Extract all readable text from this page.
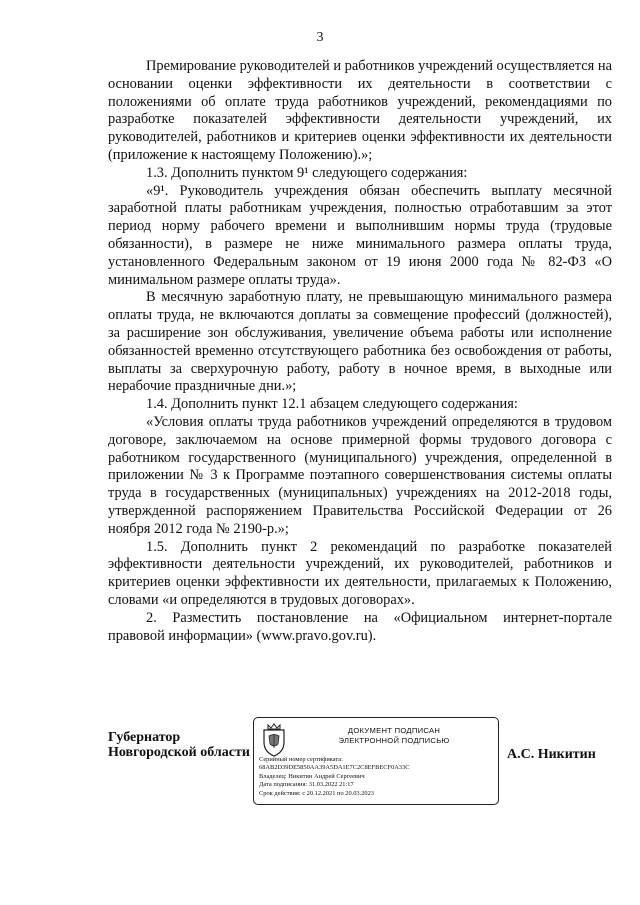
3

Премирование руководителей и работников учреждений осуществляется на основании оценки эффективности их деятельности в соответствии с положениями об оплате труда работников учреждений, рекомендациями по разработке показателей эффективности деятельности учреждений, их руководителей, работников и критериев оценки эффективности их деятельности (приложение к настоящему Положению).»;

1.3. Дополнить пунктом 9¹ следующего содержания:

«9¹. Руководитель учреждения обязан обеспечить выплату месячной заработной платы работникам учреждения, полностью отработавшим за этот период норму рабочего времени и выполнившим нормы труда (трудовые обязанности), в размере не ниже минимального размера оплаты труда, установленного Федеральным законом от 19 июня 2000 года № 82-ФЗ «О минимальном размере оплаты труда».

В месячную заработную плату, не превышающую минимального размера оплаты труда, не включаются доплаты за совмещение профессий (должностей), за расширение зон обслуживания, увеличение объема работы или исполнение обязанностей временно отсутствующего работника без освобождения от работы, выплаты за сверхурочную работу, работу в ночное время, в выходные или нерабочие праздничные дни.»;

1.4. Дополнить пункт 12.1 абзацем следующего содержания:

«Условия оплаты труда работников учреждений определяются в трудовом договоре, заключаемом на основе примерной формы трудового договора с работником государственного (муниципального) учреждения, определенной в приложении № 3 к Программе поэтапного совершенствования системы оплаты труда в государственных (муниципальных) учреждениях на 2012-2018 годы, утвержденной распоряжением Правительства Российской Федерации от 26 ноября 2012 года № 2190-р.»;

1.5. Дополнить пункт 2 рекомендаций по разработке показателей эффективности деятельности учреждений, их руководителей, работников и критериев оценки эффективности их деятельности, прилагаемых к Положению, словами «и определяются в трудовых договорах».

2. Разместить постановление на «Официальном интернет-портале правовой информации» (www.pravo.gov.ru).

Губернатор
Новгородской области
ДОКУМЕНТ ПОДПИСАН
ЭЛЕКТРОННОЙ ПОДПИСЬЮ
Серийный номер сертификата:
68AB2D39DE5850AA39A5DA1E7C2C8EFBECF0A33C
Владелец: Никитин Андрей Сергеевич
Дата подписания: 31.03.2022 21:17
Срок действия: с 20.12.2021 по 20.03.2023
А.С. Никитин
